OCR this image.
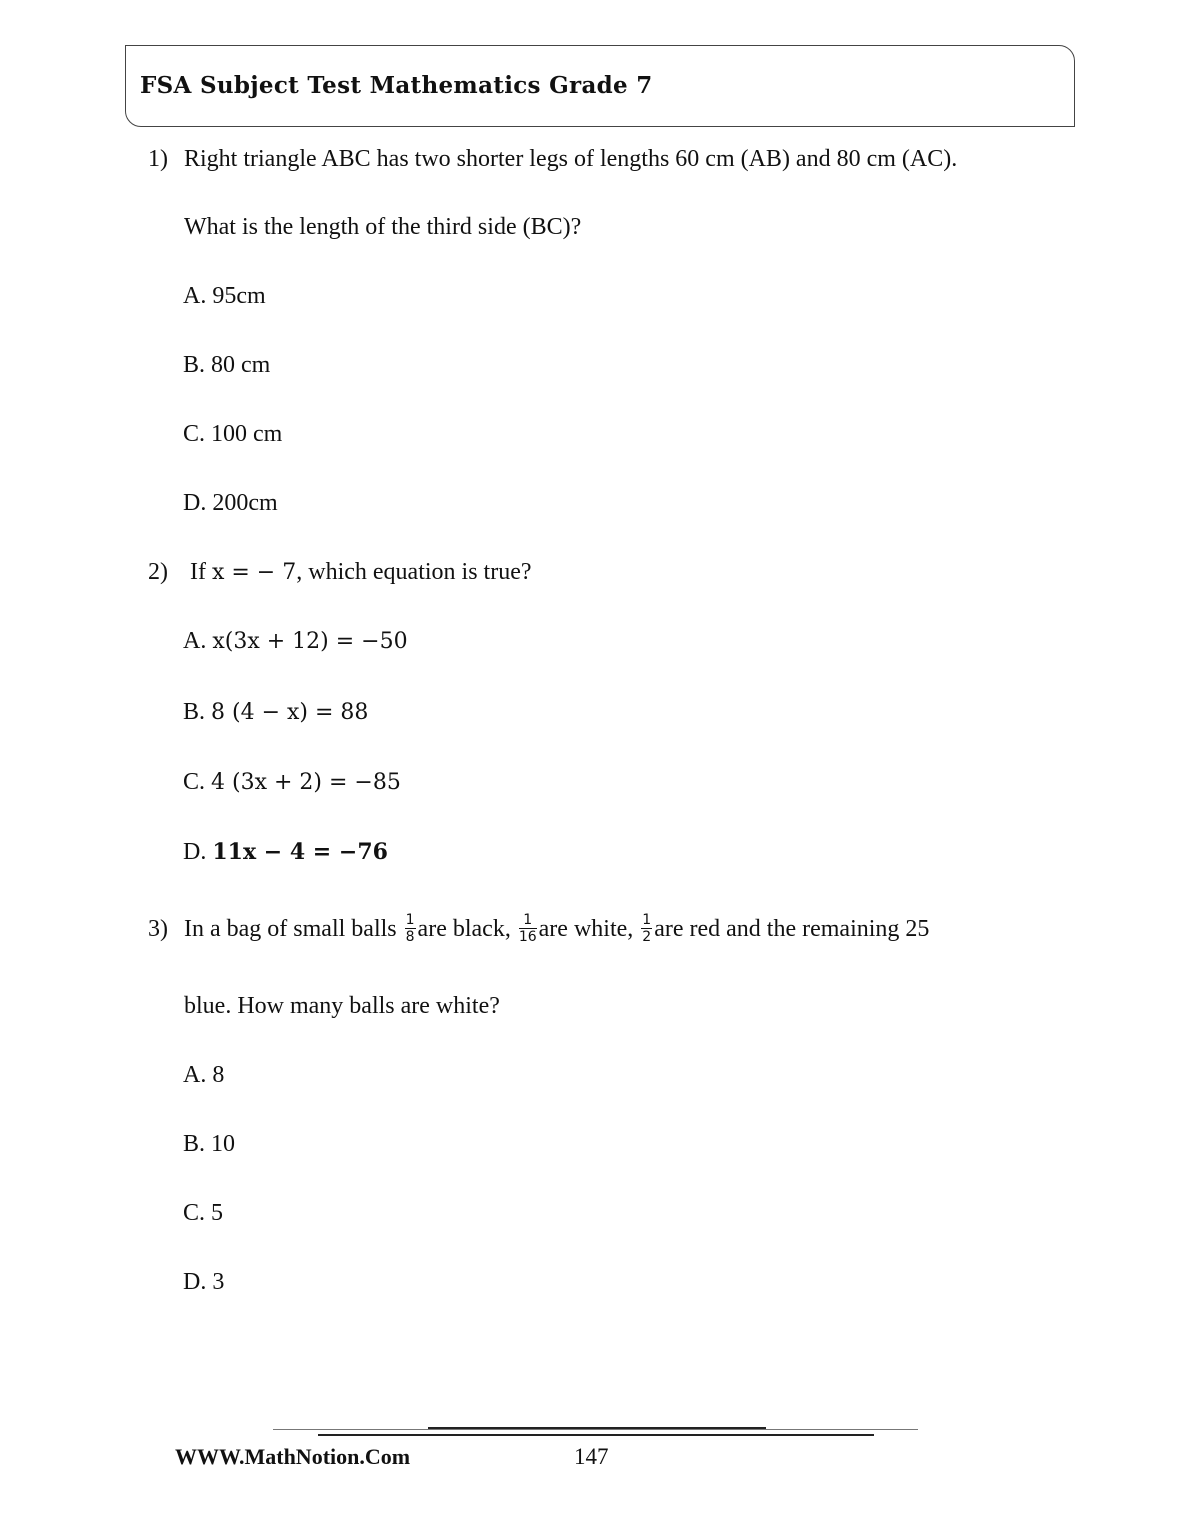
FSA Subject Test Mathematics Grade 7
1) Right triangle ABC has two shorter legs of lengths 60 cm (AB) and 80 cm (AC).
What is the length of the third side (BC)?
A. 95cm
B. 80 cm
C. 100 cm
D. 200cm
2) If x = − 7, which equation is true?
A. x(3x + 12) = −50
B. 8 (4 − x) = 88
C. 4 (3x + 2) = −85
D. 11x − 4 = −76
3) In a bag of small balls $\frac{1}{8}$ are black, $\frac{1}{16}$ are white, $\frac{1}{2}$ are red and the remaining 25
blue. How many balls are white?
A. 8
B. 10
C. 5
D. 3
WWW.MathNotion.Com	147
